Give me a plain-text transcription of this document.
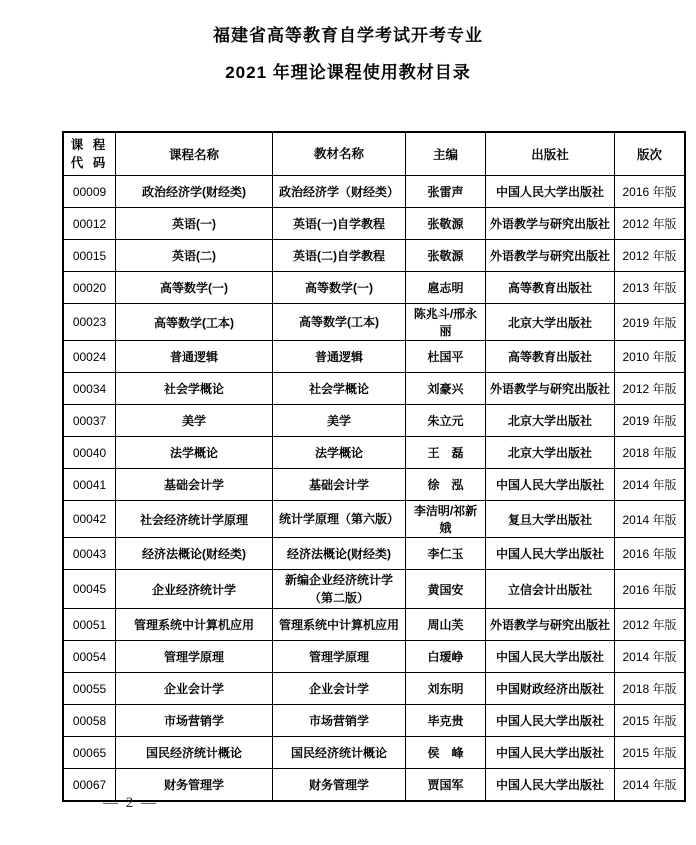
福建省高等教育自学考试开考专业
2021 年理论课程使用教材目录
课 程
代 码	课程名称	教材名称	主编	出版社	版次
00009	政治经济学(财经类)	政治经济学（财经类）	张雷声	中国人民大学出版社	2016 年版
00012	英语(一)	英语(一)自学教程	张敬源	外语教学与研究出版社	2012 年版
00015	英语(二)	英语(二)自学教程	张敬源	外语教学与研究出版社	2012 年版
00020	高等数学(一)	高等数学(一)	扈志明	高等教育出版社	2013 年版
00023	高等数学(工本)	高等数学(工本)	陈兆斗/邢永丽	北京大学出版社	2019 年版
00024	普通逻辑	普通逻辑	杜国平	高等教育出版社	2010 年版
00034	社会学概论	社会学概论	刘豪兴	外语教学与研究出版社	2012 年版
00037	美学	美学	朱立元	北京大学出版社	2019 年版
00040	法学概论	法学概论	王　磊	北京大学出版社	2018 年版
00041	基础会计学	基础会计学	徐　泓	中国人民大学出版社	2014 年版
00042	社会经济统计学原理	统计学原理（第六版）	李洁明/祁新娥	复旦大学出版社	2014 年版
00043	经济法概论(财经类)	经济法概论(财经类)	李仁玉	中国人民大学出版社	2016 年版
00045	企业经济统计学	新编企业经济统计学（第二版）	黄国安	立信会计出版社	2016 年版
00051	管理系统中计算机应用	管理系统中计算机应用	周山芙	外语教学与研究出版社	2012 年版
00054	管理学原理	管理学原理	白瑷峥	中国人民大学出版社	2014 年版
00055	企业会计学	企业会计学	刘东明	中国财政经济出版社	2018 年版
00058	市场营销学	市场营销学	毕克贵	中国人民大学出版社	2015 年版
00065	国民经济统计概论	国民经济统计概论	侯　峰	中国人民大学出版社	2015 年版
00067	财务管理学	财务管理学	贾国军	中国人民大学出版社	2014 年版
— 2 —
